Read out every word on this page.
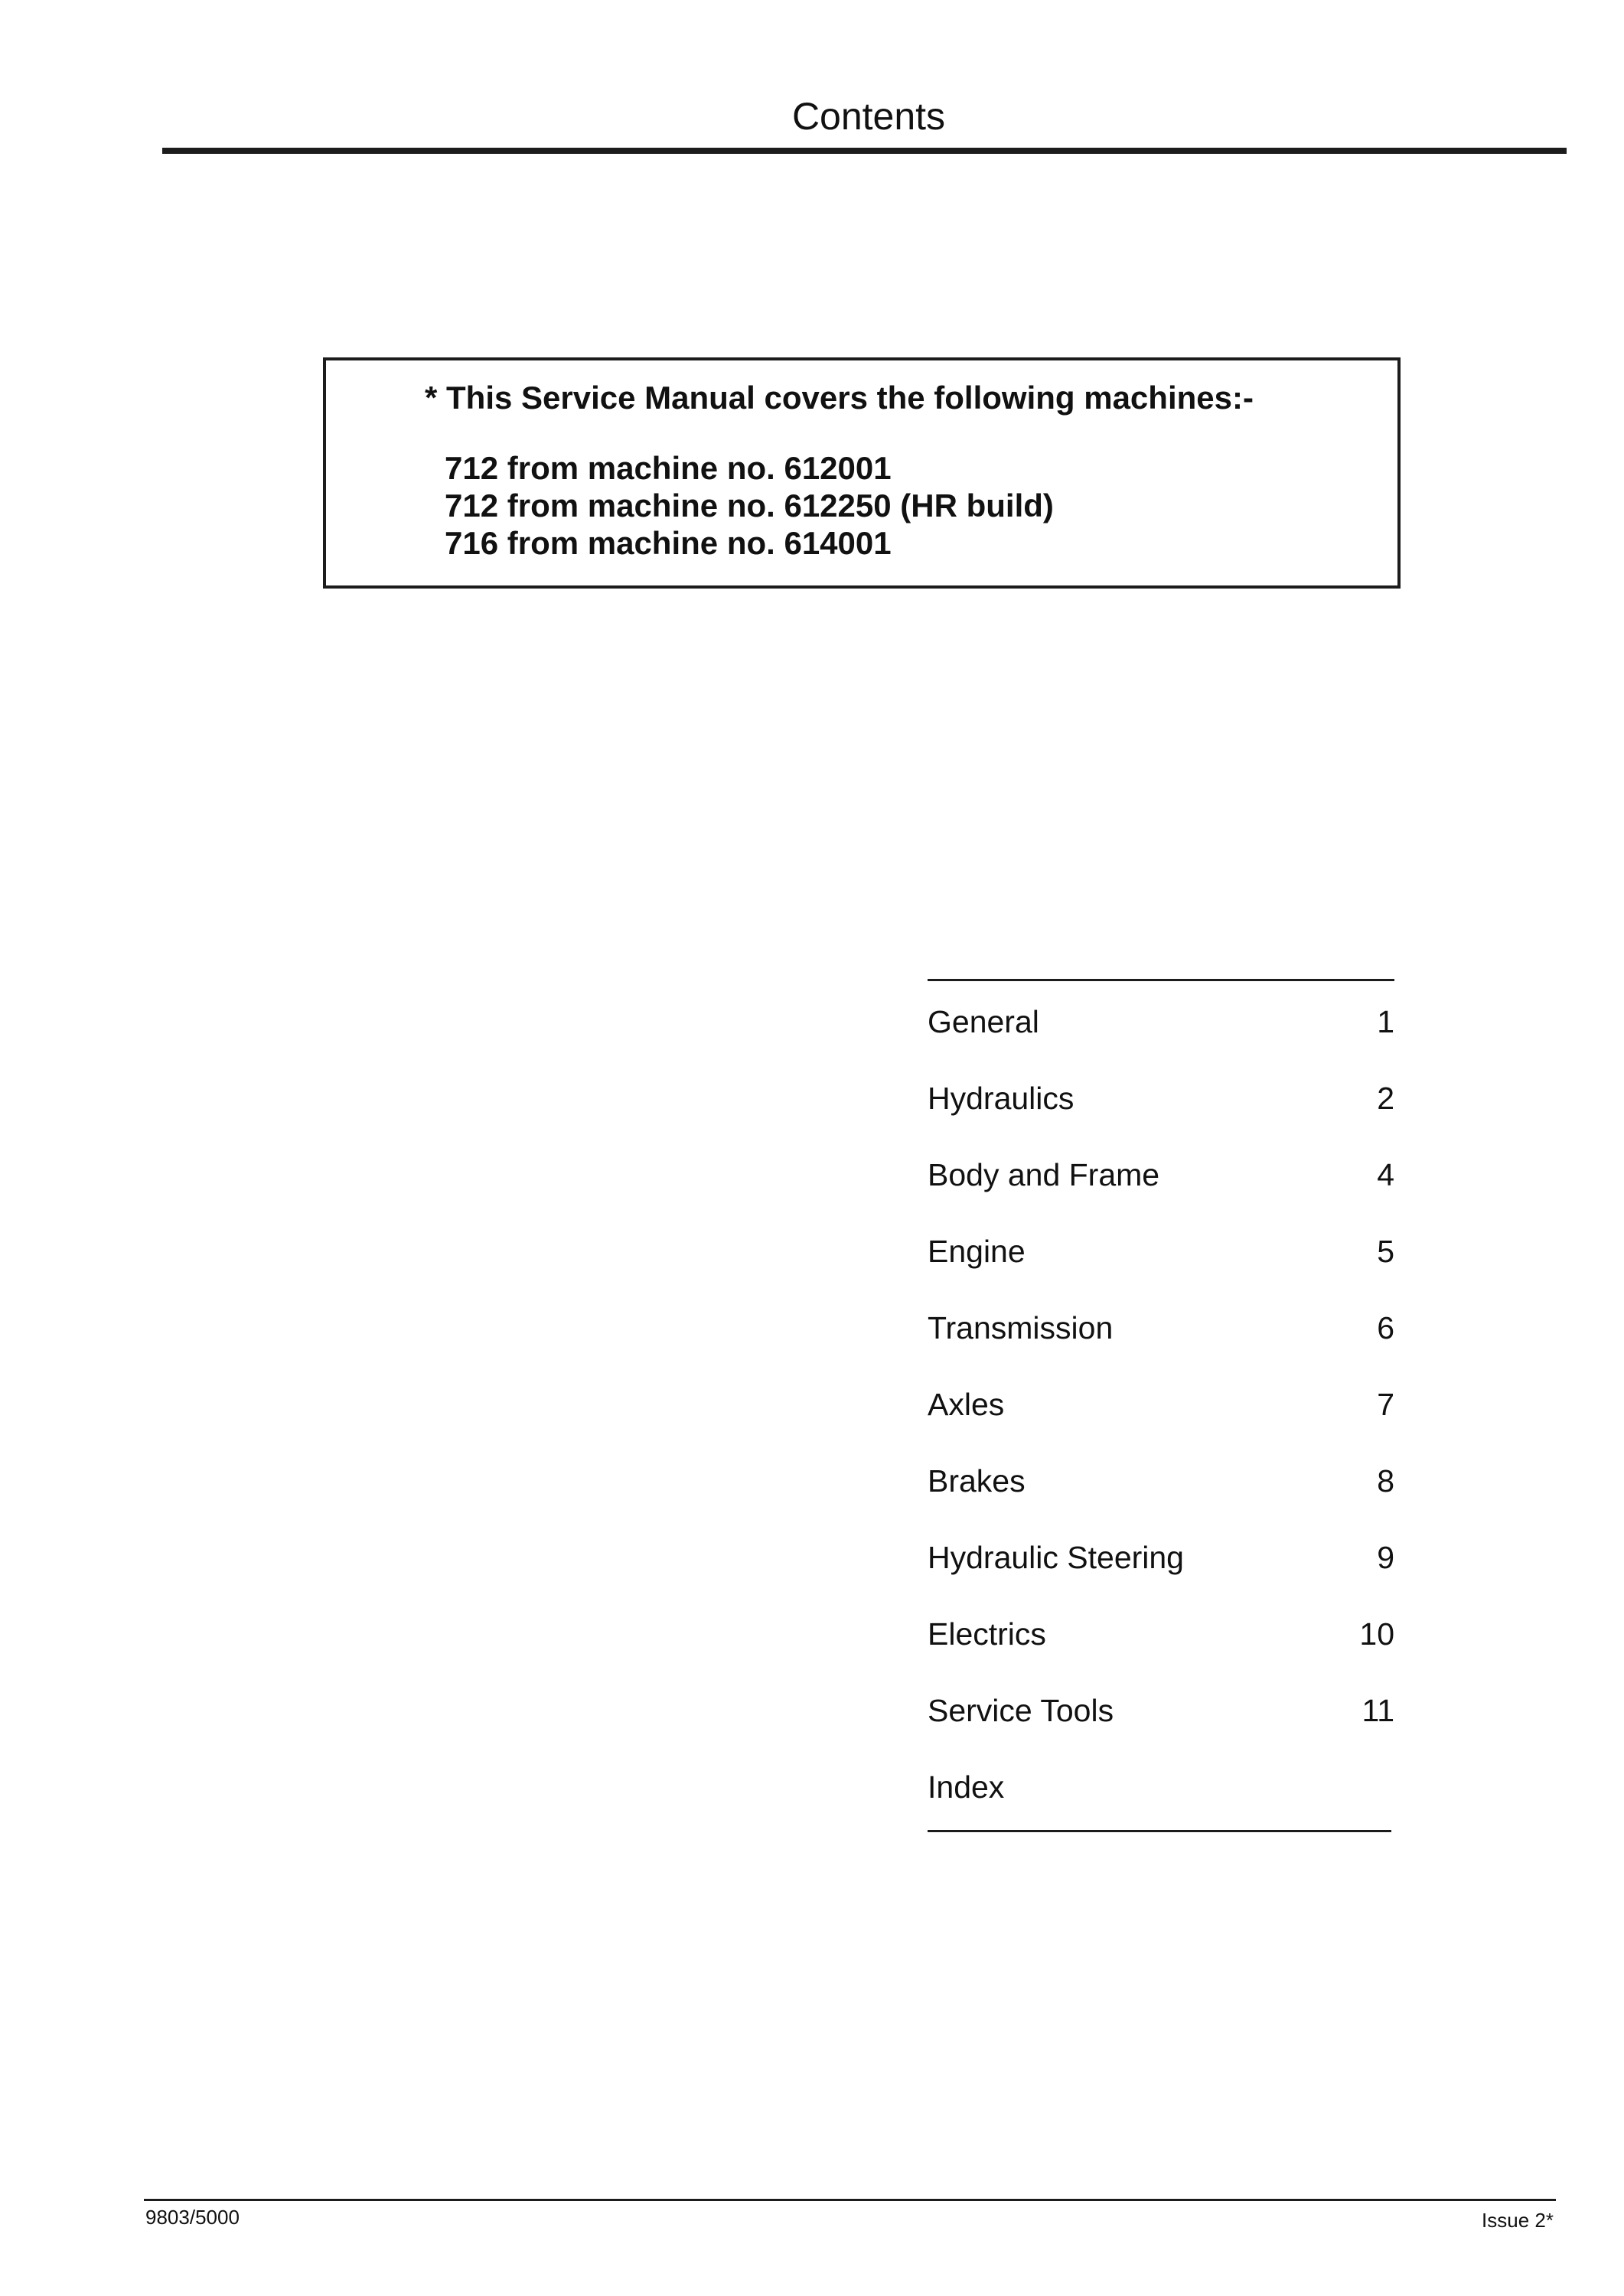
Contents
* This Service Manual covers the following machines:-
712 from machine no. 612001
712 from machine no. 612250 (HR build)
716 from machine no. 614001
General	1
Hydraulics	2
Body and Frame	4
Engine	5
Transmission	6
Axles	7
Brakes	8
Hydraulic Steering	9
Electrics	10
Service Tools	11
Index
9803/5000	Issue 2*
